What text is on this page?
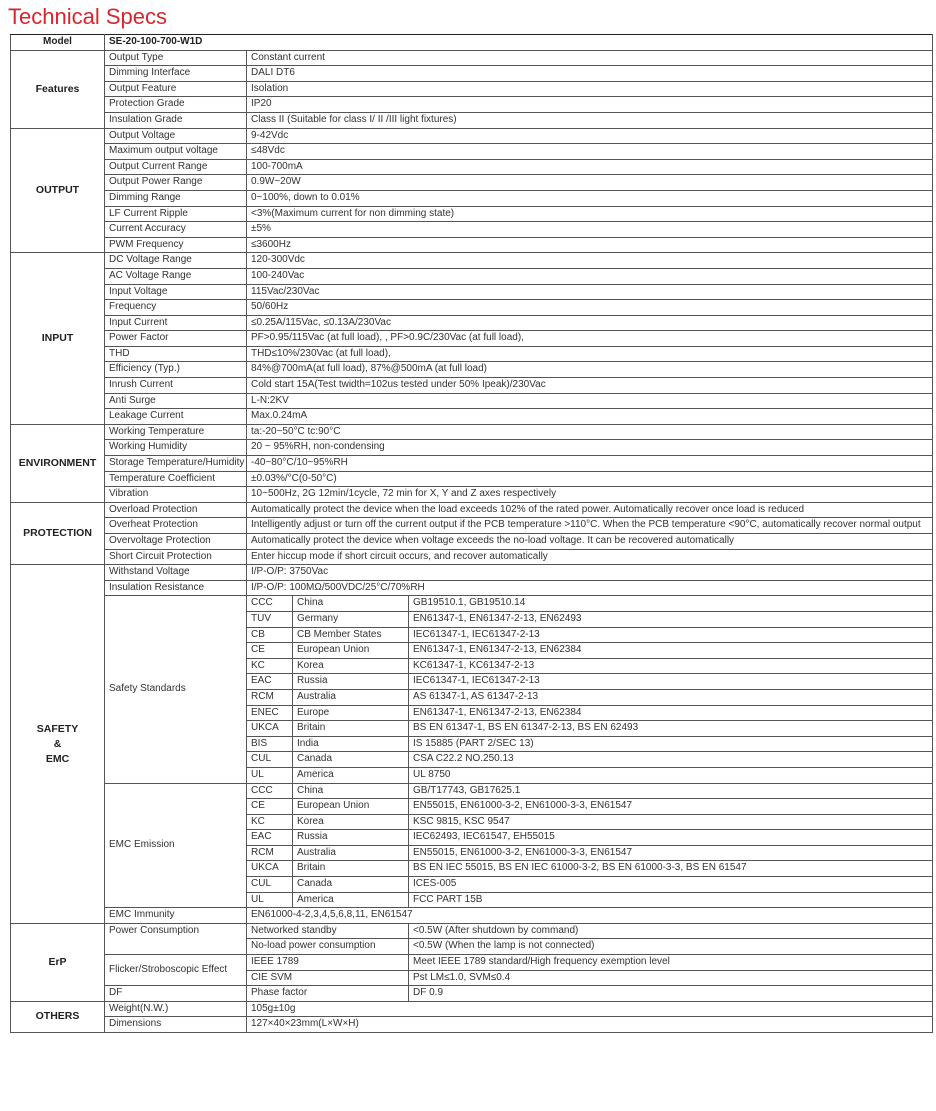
Technical Specs
Model	SE-20-100-700-W1D			
Features	Output Type	Constant current		
	Dimming Interface	DALI DT6		
	Output Feature	Isolation		
	Protection Grade	IP20		
	Insulation Grade	Class II (Suitable for class I/ II /III light fixtures)		
OUTPUT	Output Voltage	9-42Vdc		
	Maximum output voltage	≤48Vdc		
	Output Current Range	100-700mA		
	Output Power Range	0.9W~20W		
	Dimming Range	0~100%, down to 0.01%		
	LF Current Ripple	<3%(Maximum current for non dimming state)		
	Current Accuracy	±5%		
	PWM Frequency	≤3600Hz		
INPUT	DC Voltage Range	120-300Vdc		
	AC Voltage Range	100-240Vac		
	Input Voltage	115Vac/230Vac		
	Frequency	50/60Hz		
	Input Current	≤0.25A/115Vac, ≤0.13A/230Vac		
	Power Factor	PF>0.95/115Vac (at full load), , PF>0.9C/230Vac (at full load),		
	THD	THD≤10%/230Vac (at full load),		
	Efficiency (Typ.)	84%@700mA(at full load), 87%@500mA (at full load)		
	Inrush Current	Cold start 15A(Test twidth=102us tested under 50% Ipeak)/230Vac		
	Anti Surge	L-N:2KV		
	Leakage Current	Max.0.24mA		
ENVIRONMENT	Working Temperature	ta:-20~50°C tc:90°C		
	Working Humidity	20 ~ 95%RH, non-condensing		
	Storage Temperature/Humidity	-40~80°C/10~95%RH		
	Temperature Coefficient	±0.03%/°C(0-50°C)		
	Vibration	10~500Hz, 2G 12min/1cycle, 72 min for X, Y and Z axes respectively		
PROTECTION	Overload Protection	Automatically protect the device when the load exceeds 102% of the rated power. Automatically recover once load is reduced		
	Overheat Protection	Intelligently adjust or turn off the current output if the PCB temperature >110°C. When the PCB temperature <90°C, automatically recover normal output		
	Overvoltage Protection	Automatically protect the device when voltage exceeds the no-load voltage. It can be recovered automatically		
	Short Circuit Protection	Enter hiccup mode if short circuit occurs, and recover automatically		

SAFETY
&
EMC	Withstand Voltage	I/P-O/P: 3750Vac		
	Insulation Resistance	I/P-O/P: 100MΩ/500VDC/25°C/70%RH		
	Safety Standards	CCC	China	GB19510.1, GB19510.14
		TUV	Germany	EN61347-1, EN61347-2-13, EN62493
		CB	CB Member States	IEC61347-1, IEC61347-2-13
		CE	European Union	EN61347-1, EN61347-2-13, EN62384
		KC	Korea	KC61347-1, KC61347-2-13
		EAC	Russia	IEC61347-1, IEC61347-2-13
		RCM	Australia	AS 61347-1, AS 61347-2-13
		ENEC	Europe	EN61347-1, EN61347-2-13, EN62384
		UKCA	Britain	BS EN 61347-1, BS EN 61347-2-13, BS EN 62493
		BIS	India	IS 15885 (PART 2/SEC 13)
		CUL	Canada	CSA C22.2 NO.250.13
		UL	America	UL 8750
	EMC Emission	CCC	China	GB/T17743, GB17625.1
		CE	European Union	EN55015, EN61000-3-2, EN61000-3-3, EN61547
		KC	Korea	KSC 9815, KSC 9547
		EAC	Russia	IEC62493, IEC61547, EH55015
		RCM	Australia	EN55015, EN61000-3-2, EN61000-3-3, EN61547
		UKCA	Britain	BS EN IEC 55015, BS EN IEC 61000-3-2, BS EN 61000-3-3, BS EN 61547
		CUL	Canada	ICES-005
		UL	America	FCC PART 15B
	EMC Immunity	EN61000-4-2,3,4,5,6,8,11, EN61547		
ErP	Power Consumption	Networked standby		<0.5W (After shutdown by command)
		No-load power consumption		<0.5W (When the lamp is not connected)
	Flicker/Stroboscopic Effect	IEEE 1789		Meet IEEE 1789 standard/High frequency exemption level
		CIE SVM		Pst LM≤1.0, SVM≤0.4
	DF	Phase factor		DF 0.9
OTHERS	Weight(N.W.)	105g±10g		
	Dimensions	127×40×23mm(L×W×H)		
